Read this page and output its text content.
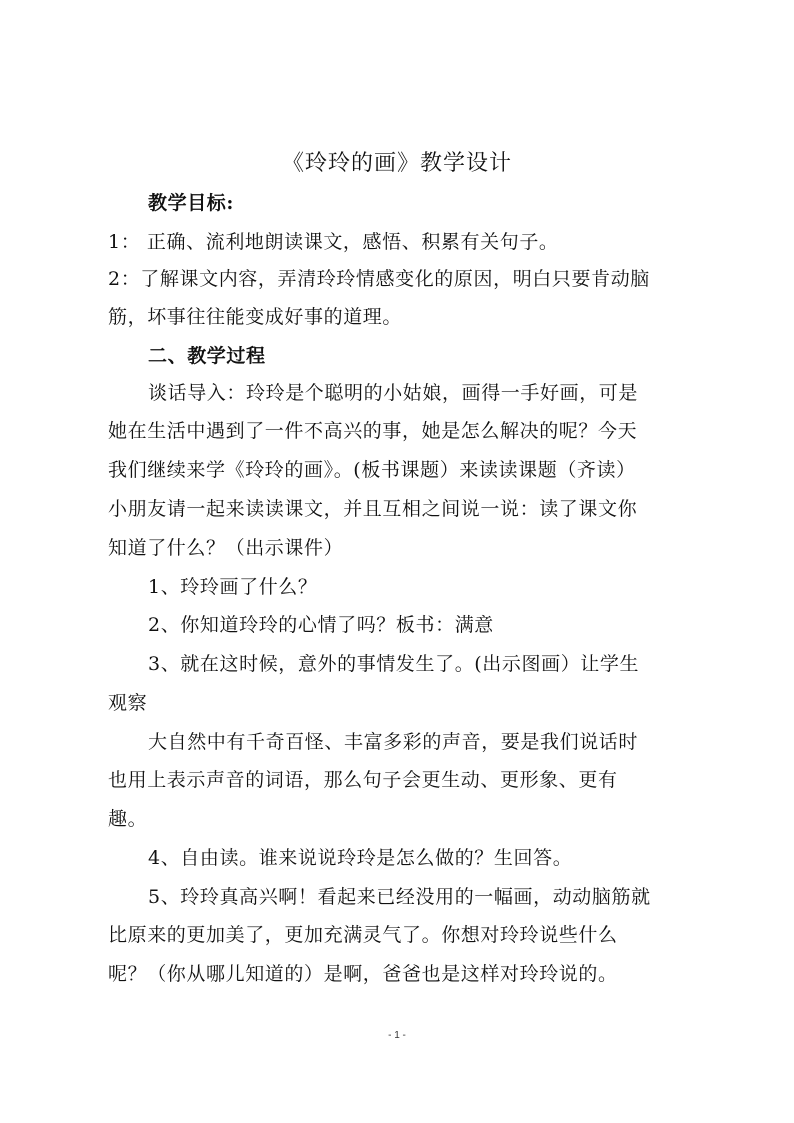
《玲玲的画》教学设计
教学目标:
1： 正确、流利地朗读课文，感悟、积累有关句子。
2：了解课文内容，弄清玲玲情感变化的原因，明白只要肯动脑
筋，坏事往往能变成好事的道理。
二、教学过程
谈话导入：玲玲是个聪明的小姑娘，画得一手好画，可是
她在生活中遇到了一件不高兴的事，她是怎么解决的呢？今天
我们继续来学《玲玲的画》。(板书课题）来读读课题（齐读）
小朋友请一起来读读课文，并且互相之间说一说：读了课文你
知道了什么？（出示课件）
1、玲玲画了什么？
2、你知道玲玲的心情了吗？板书：满意
3、就在这时候，意外的事情发生了。(出示图画）让学生
观察
大自然中有千奇百怪、丰富多彩的声音，要是我们说话时
也用上表示声音的词语，那么句子会更生动、更形象、更有
趣。
4、自由读。谁来说说玲玲是怎么做的？生回答。
5、玲玲真高兴啊！看起来已经没用的一幅画，动动脑筋就
比原来的更加美了，更加充满灵气了。你想对玲玲说些什么
呢？（你从哪儿知道的）是啊，爸爸也是这样对玲玲说的。
- 1 -
